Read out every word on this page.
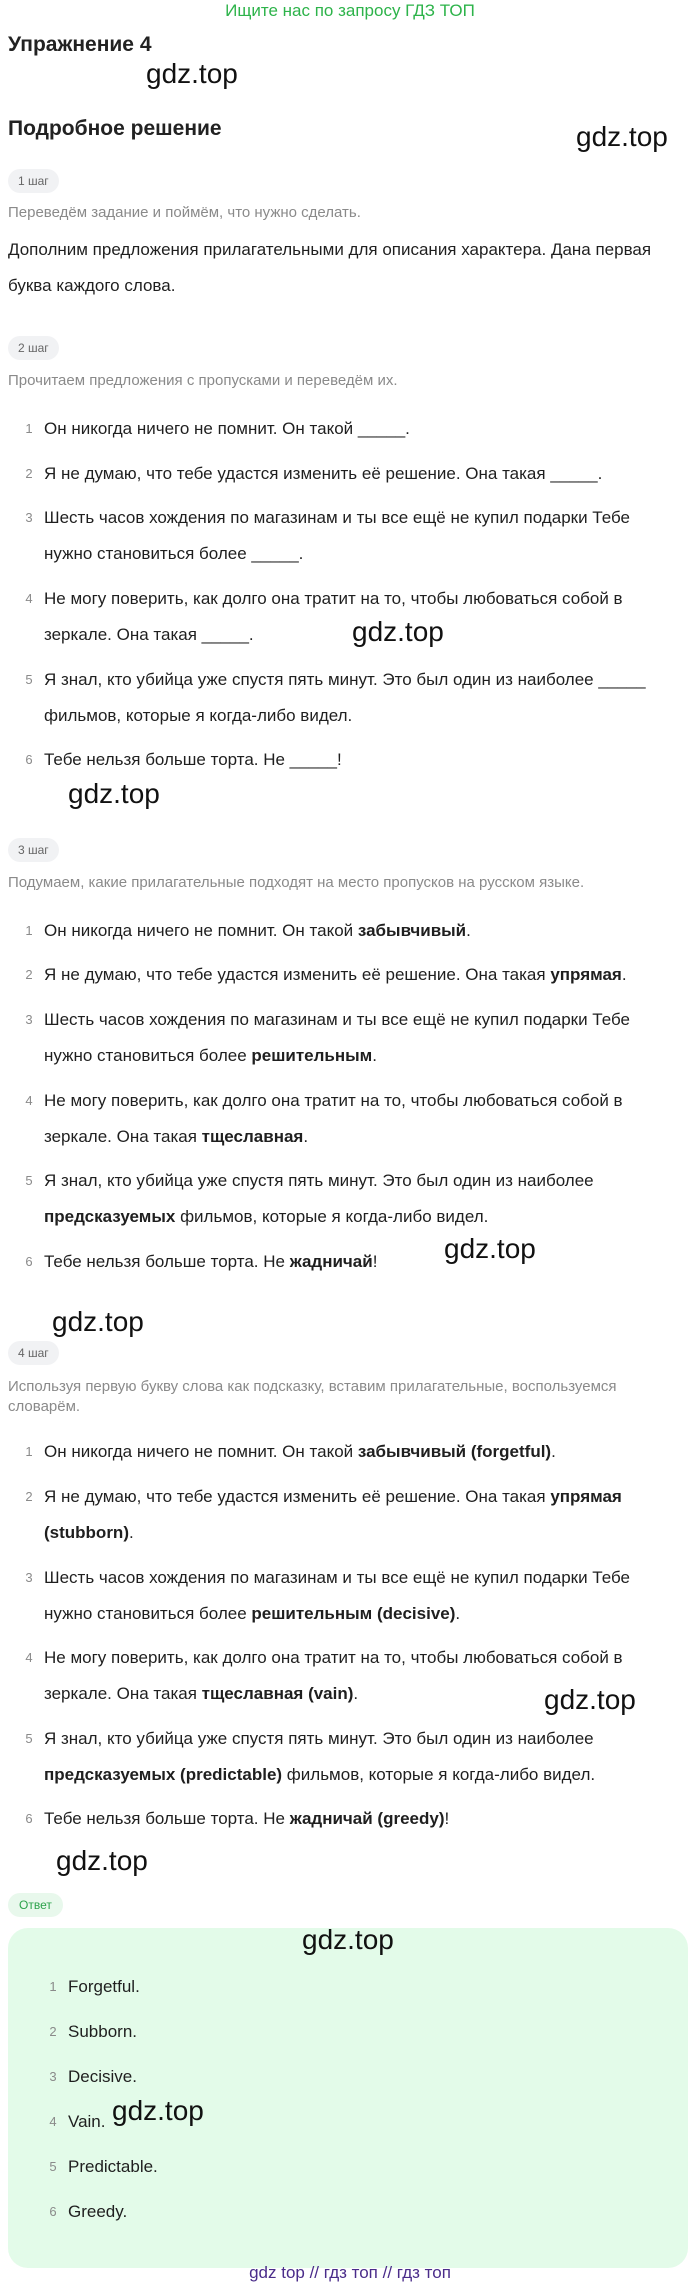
Ищите нас по запросу ГДЗ ТОП
Упражнение 4
Подробное решение
1 шаг
Переведём задание и поймём, что нужно сделать.
Дополним предложения прилагательными для описания характера. Дана первая буква каждого слова.
2 шаг
Прочитаем предложения с пропусками и переведём их.
1 Он никогда ничего не помнит. Он такой _____.
2 Я не думаю, что тебе удастся изменить её решение. Она такая _____.
3 Шесть часов хождения по магазинам и ты все ещё не купил подарки Тебе нужно становиться более _____.
4 Не могу поверить, как долго она тратит на то, чтобы любоваться собой в зеркале. Она такая _____.
5 Я знал, кто убийца уже спустя пять минут. Это был один из наиболее _____ фильмов, которые я когда-либо видел.
6 Тебе нельзя больше торта. Не _____!
3 шаг
Подумаем, какие прилагательные подходят на место пропусков на русском языке.
1 Он никогда ничего не помнит. Он такой забывчивый.
2 Я не думаю, что тебе удастся изменить её решение. Она такая упрямая.
3 Шесть часов хождения по магазинам и ты все ещё не купил подарки Тебе нужно становиться более решительным.
4 Не могу поверить, как долго она тратит на то, чтобы любоваться собой в зеркале. Она такая тщеславная.
5 Я знал, кто убийца уже спустя пять минут. Это был один из наиболее предсказуемых фильмов, которые я когда-либо видел.
6 Тебе нельзя больше торта. Не жадничай!
4 шаг
Используя первую букву слова как подсказку, вставим прилагательные, воспользуемся словарём.
1 Он никогда ничего не помнит. Он такой забывчивый (forgetful).
2 Я не думаю, что тебе удастся изменить её решение. Она такая упрямая (stubborn).
3 Шесть часов хождения по магазинам и ты все ещё не купил подарки Тебе нужно становиться более решительным (decisive).
4 Не могу поверить, как долго она тратит на то, чтобы любоваться собой в зеркале. Она такая тщеславная (vain).
5 Я знал, кто убийца уже спустя пять минут. Это был один из наиболее предсказуемых (predictable) фильмов, которые я когда-либо видел.
6 Тебе нельзя больше торта. Не жадничай (greedy)!
Ответ
1 Forgetful.
2 Subborn.
3 Decisive.
4 Vain.
5 Predictable.
6 Greedy.
gdz.top
gdz.top
gdz.top
gdz.top
gdz.top
gdz.top
gdz.top
gdz.top
gdz.top
gdz.top
gdz top // гдз топ // гдз топ
